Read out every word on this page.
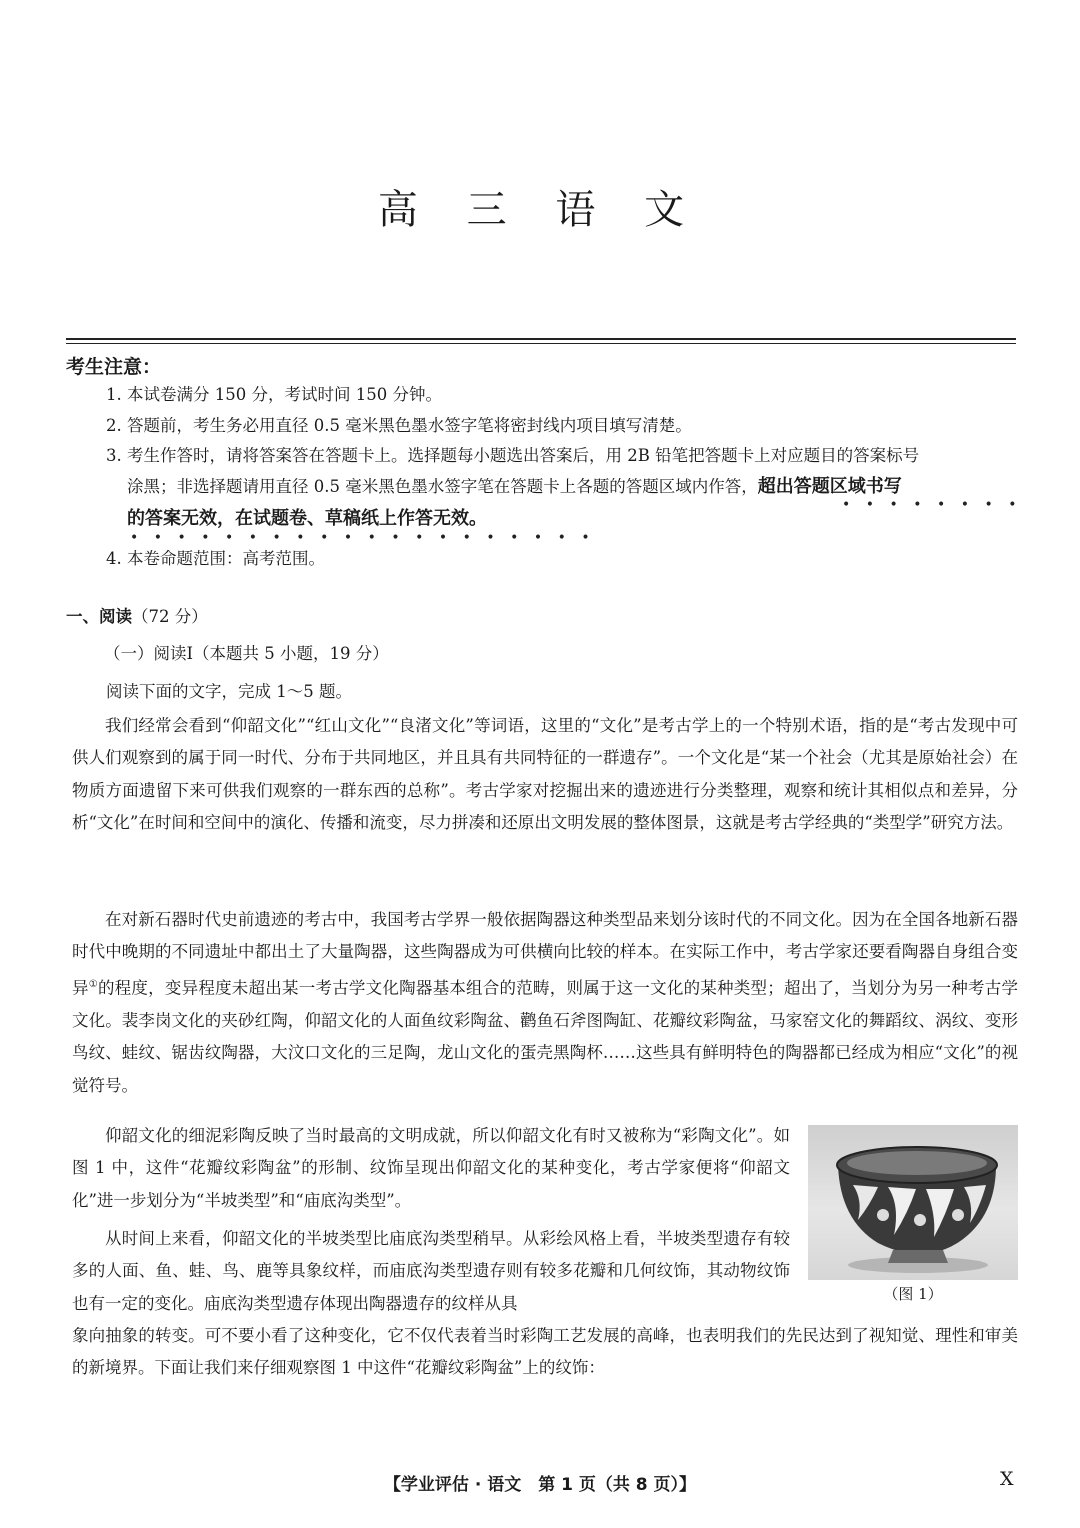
高 三 语 文
考生注意：
1. 本试卷满分 150 分，考试时间 150 分钟。
2. 答题前，考生务必用直径 0.5 毫米黑色墨水签字笔将密封线内项目填写清楚。
3. 考生作答时，请将答案答在答题卡上。选择题每小题选出答案后，用 2B 铅笔把答题卡上对应题目的答案标号
涂黑；非选择题请用直径 0.5 毫米黑色墨水签字笔在答题卡上各题的答题区域内作答，超出答题区域书写
••••••••
的答案无效，在试题卷、草稿纸上作答无效。
••••••••••••••••••••
4. 本卷命题范围：高考范围。
一、阅读（72 分）
（一）阅读Ⅰ（本题共 5 小题，19 分）
阅读下面的文字，完成 1～5 题。

我们经常会看到“仰韶文化”“红山文化”“良渚文化”等词语，这里的“文化”是考古学上的一个特别术语，指的是“考古发现中可供人们观察到的属于同一时代、分布于共同地区，并且具有共同特征的一群遗存”。一个文化是“某一个社会（尤其是原始社会）在物质方面遗留下来可供我们观察的一群东西的总称”。考古学家对挖掘出来的遗迹进行分类整理，观察和统计其相似点和差异，分析“文化”在时间和空间中的演化、传播和流变，尽力拼凑和还原出文明发展的整体图景，这就是考古学经典的“类型学”研究方法。

在对新石器时代史前遗迹的考古中，我国考古学界一般依据陶器这种类型品来划分该时代的不同文化。因为在全国各地新石器时代中晚期的不同遗址中都出土了大量陶器，这些陶器成为可供横向比较的样本。在实际工作中，考古学家还要看陶器自身组合变异①的程度，变异程度未超出某一考古学文化陶器基本组合的范畴，则属于这一文化的某种类型；超出了，当划分为另一种考古学文化。裴李岗文化的夹砂红陶，仰韶文化的人面鱼纹彩陶盆、鹳鱼石斧图陶缸、花瓣纹彩陶盆，马家窑文化的舞蹈纹、涡纹、变形鸟纹、蛙纹、锯齿纹陶器，大汶口文化的三足陶，龙山文化的蛋壳黑陶杯……这些具有鲜明特色的陶器都已经成为相应“文化”的视觉符号。

仰韶文化的细泥彩陶反映了当时最高的文明成就，所以仰韶文化有时又被称为“彩陶文化”。如图 1 中，这件“花瓣纹彩陶盆”的形制、纹饰呈现出仰韶文化的某种变化，考古学家便将“仰韶文化”进一步划分为“半坡类型”和“庙底沟类型”。

从时间上来看，仰韶文化的半坡类型比庙底沟类型稍早。从彩绘风格上看，半坡类型遗存有较多的人面、鱼、蛙、鸟、鹿等具象纹样，而庙底沟类型遗存则有较多花瓣和几何纹饰，其动物纹饰也有一定的变化。庙底沟类型遗存体现出陶器遗存的纹样从具

象向抽象的转变。可不要小看了这种变化，它不仅代表着当时彩陶工艺发展的高峰，也表明我们的先民达到了视知觉、理性和审美的新境界。下面让我们来仔细观察图 1 中这件“花瓣纹彩陶盆”上的纹饰：

（图 1）
【学业评估 · 语文　第 1 页（共 8 页）】	X
